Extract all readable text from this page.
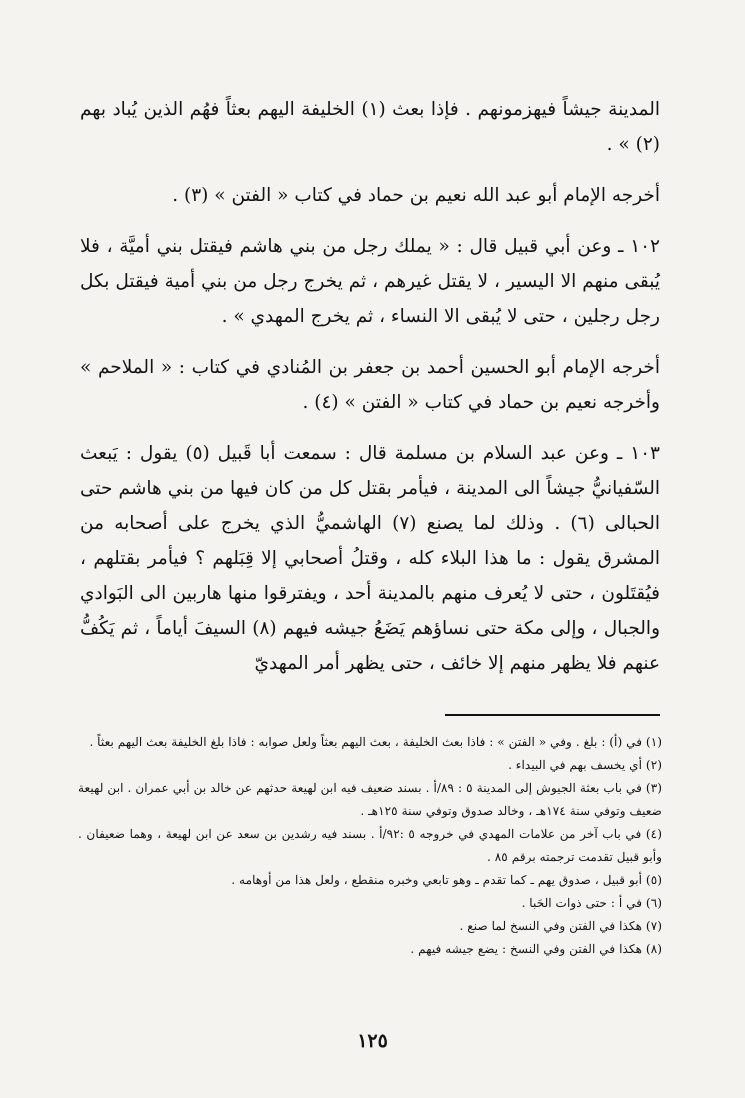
المدينة جيشاً فيهزمونهم . فإذا بعث (١) الخليفة اليهم بعثاً فهُم الذين يُباد بهم (٢) » .

أخرجه الإمام أبو عبد الله نعيم بن حماد في كتاب « الفتن » (٣) .

١٠٢ ـ وعن أبي قبيل قال : « يملك رجل من بني هاشم فيقتل بني أميَّة ، فلا يُبقى منهم الا اليسير ، لا يقتل غيرهم ، ثم يخرج رجل من بني أمية فيقتل بكل رجل رجلين ، حتى لا يُبقى الا النساء ، ثم يخرج المهدي » .

أخرجه الإمام أبو الحسين أحمد بن جعفر بن المُنادي في كتاب : « الملاحم » وأخرجه نعيم بن حماد في كتاب « الفتن » (٤) .

١٠٣ ـ وعن عبد السلام بن مسلمة قال : سمعت أبا قَبيل (٥) يقول : يَبعث السّفيانيُّ جيشاً الى المدينة ، فيأمر بقتل كل من كان فيها من بني هاشم حتى الحبالى (٦) . وذلك لما يصنع (٧) الهاشميُّ الذي يخرج على أصحابه من المشرق يقول : ما هذا البلاء كله ، وقتلُ أصحابي إلا قِبَلهم ؟ فيأمر بقتلهم ، فيُقتَلون ، حتى لا يُعرف منهم بالمدينة أحد ، ويفترقوا منها هاربين الى البَوادي والجبال ، وإلى مكة حتى نساؤهم يَضَعُ جيشه فيهم (٨) السيفَ أياماً ، ثم يَكُفُّ عنهم فلا يظهر منهم إلا خائف ، حتى يظهر أمر المهديّ

(١) في (أ) : بلغ . وفي « الفتن » : فاذا بعث الخليفة ، بعث اليهم بعثاً ولعل صوابه : فاذا بلغ الخليفة بعث اليهم بعثاً .

(٢) أي يخسف بهم في البيداء .

(٣) في باب بعثة الجيوش إلى المدينة ٥ : ٨٩/أ . بسند ضعيف فيه ابن لهيعة حدثهم عن خالد بن أبي عمران . ابن لهيعة ضعيف وتوفي سنة ١٧٤هـ ، وخالد صدوق وتوفي سنة ١٢٥هـ .

(٤) في باب آخر من علامات المهدي في خروجه ٥ :٩٢/أ . بسند فيه رشدين بن سعد عن ابن لهيعة ، وهما ضعيفان . وأبو قبيل تقدمت ترجمته برقم ٨٥ .

(٥) أبو قبيل ، صدوق يهم ـ كما تقدم ـ وهو تابعي وخبره منقطع ، ولعل هذا من أوهامه .

(٦) في أ : حتى ذوات الحَبا .

(٧) هكذا في الفتن وفي النسخ لما صنع .

(٨) هكذا في الفتن وفي النسخ : يضع جيشه فيهم .

١٢٥
